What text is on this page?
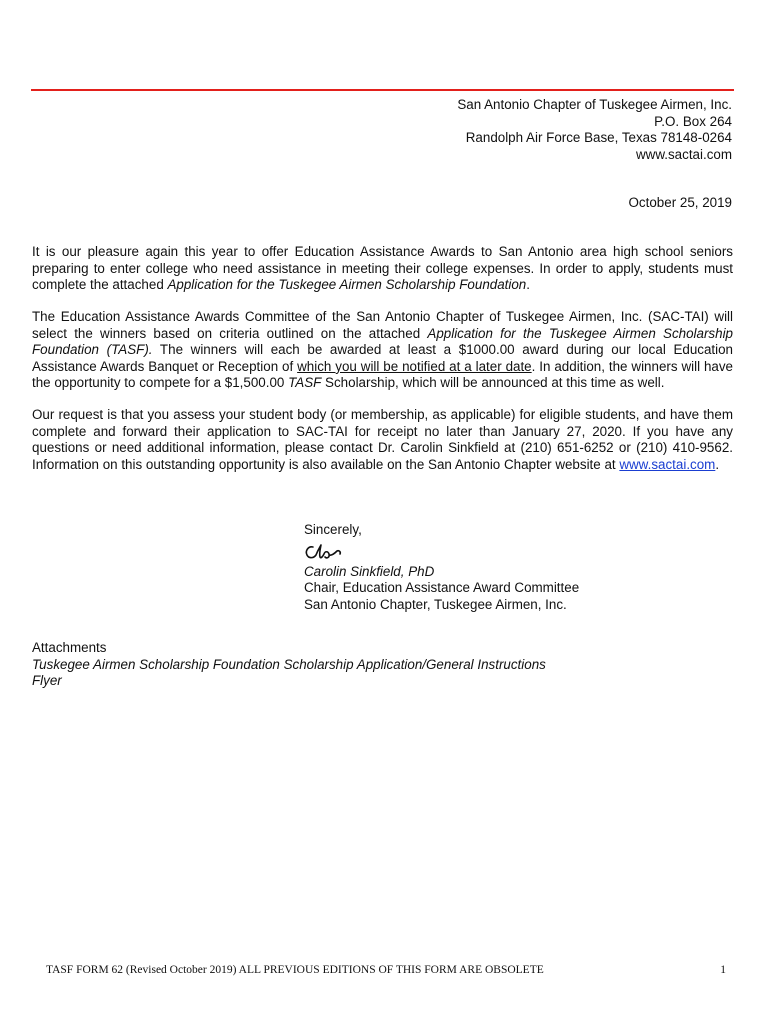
San Antonio Chapter of Tuskegee Airmen, Inc.
P.O. Box 264
Randolph Air Force Base, Texas 78148-0264
www.sactai.com
October 25, 2019

It is our pleasure again this year to offer Education Assistance Awards to San Antonio area high school seniors preparing to enter college who need assistance in meeting their college expenses. In order to apply, students must complete the attached Application for the Tuskegee Airmen Scholarship Foundation.

The Education Assistance Awards Committee of the San Antonio Chapter of Tuskegee Airmen, Inc. (SAC-TAI) will select the winners based on criteria outlined on the attached Application for the Tuskegee Airmen Scholarship Foundation (TASF). The winners will each be awarded at least a $1000.00 award during our local Education Assistance Awards Banquet or Reception of which you will be notified at a later date. In addition, the winners will have the opportunity to compete for a $1,500.00 TASF Scholarship, which will be announced at this time as well.

Our request is that you assess your student body (or membership, as applicable) for eligible students, and have them complete and forward their application to SAC-TAI for receipt no later than January 27, 2020. If you have any questions or need additional information, please contact Dr. Carolin Sinkfield at (210) 651-6252 or (210) 410-9562. Information on this outstanding opportunity is also available on the San Antonio Chapter website at www.sactai.com.

Sincerely,
Carolin Sinkfield, PhD
Chair, Education Assistance Award Committee
San Antonio Chapter, Tuskegee Airmen, Inc.
Attachments
Tuskegee Airmen Scholarship Foundation Scholarship Application/General Instructions
Flyer
TASF FORM 62 (Revised October 2019) ALL PREVIOUS EDITIONS OF THIS FORM ARE OBSOLETE	1
